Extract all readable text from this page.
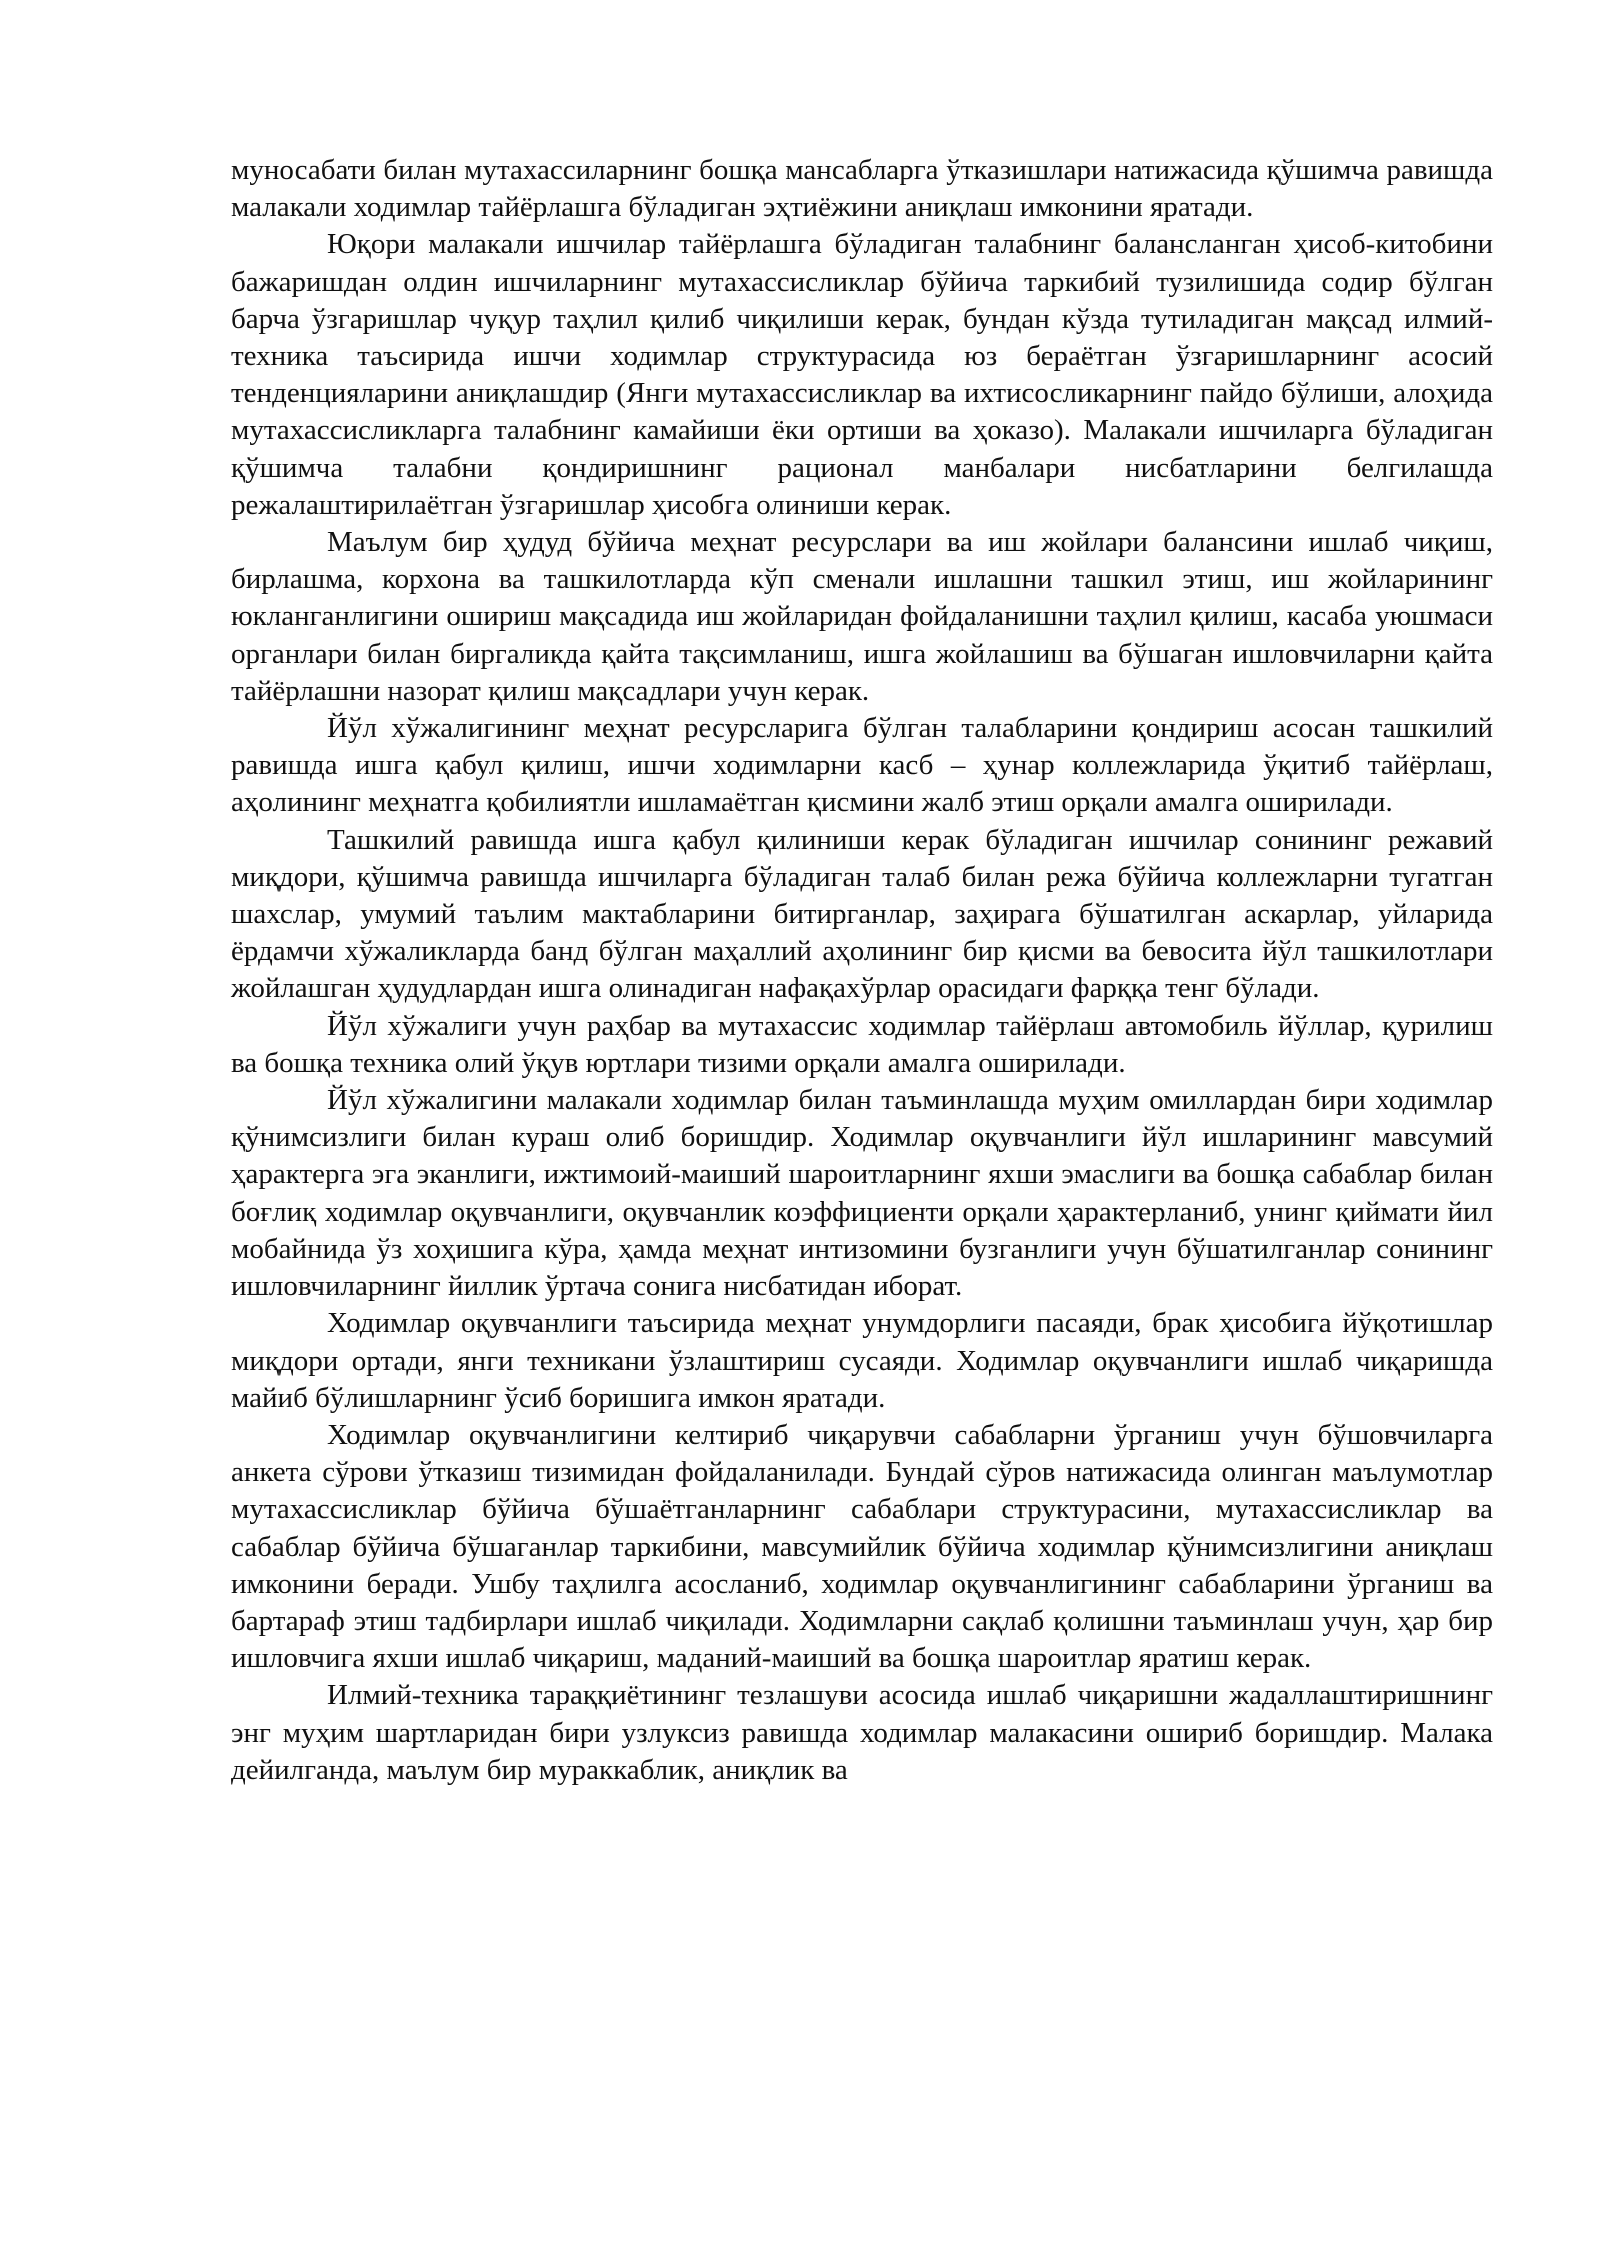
муносабати билан мутахассиларнинг бошқа мансабларга ўтказишлари натижасида қўшимча равишда малакали ходимлар тайёрлашга бўладиган эҳтиёжини аниқлаш имконини яратади.

Юқори малакали ишчилар тайёрлашга бўладиган талабнинг балансланган ҳисоб-китобини бажаришдан олдин ишчиларнинг мутахассисликлар бўйича таркибий тузилишида содир бўлган барча ўзгаришлар чуқур таҳлил қилиб чиқилиши керак, бундан кўзда тутиладиган мақсад илмий-техника таъсирида ишчи ходимлар структурасида юз бераётган ўзгаришларнинг асосий тенденцияларини аниқлашдир (Янги мутахассисликлар ва ихтисосликарнинг пайдо бўлиши, алоҳида мутахассисликларга талабнинг камайиши ёки ортиши ва ҳоказо). Малакали ишчиларга бўладиган қўшимча талабни қондиришнинг рационал манбалари нисбатларини белгилашда режалаштирилаётган ўзгаришлар ҳисобга олиниши керак.

Маълум бир ҳудуд бўйича меҳнат ресурслари ва иш жойлари балансини ишлаб чиқиш, бирлашма, корхона ва ташкилотларда кўп сменали ишлашни ташкил этиш, иш жойларининг юкланганлигини ошириш мақсадида иш жойларидан фойдаланишни таҳлил қилиш, касаба уюшмаси органлари билан биргаликда қайта тақсимланиш, ишга жойлашиш ва бўшаган ишловчиларни қайта тайёрлашни назорат қилиш мақсадлари учун керак.

Йўл хўжалигининг меҳнат ресурсларига бўлган талабларини қондириш асосан ташкилий равишда ишга қабул қилиш, ишчи ходимларни касб – ҳунар коллежларида ўқитиб тайёрлаш, аҳолининг меҳнатга қобилиятли ишламаётган қисмини жалб этиш орқали амалга оширилади.

Ташкилий равишда ишга қабул қилиниши керак бўладиган ишчилар сонининг режавий миқдори, қўшимча равишда ишчиларга бўладиган талаб билан режа бўйича коллежларни тугатган шахслар, умумий таълим мактабларини битирганлар, заҳирага бўшатилган аскарлар, уйларида ёрдамчи хўжаликларда банд бўлган маҳаллий аҳолининг бир қисми ва бевосита йўл ташкилотлари жойлашган ҳудудлардан ишга олинадиган нафақахўрлар орасидаги фарққа тенг бўлади.

Йўл хўжалиги учун раҳбар ва мутахассис ходимлар тайёрлаш автомобиль йўллар, қурилиш ва бошқа техника олий ўқув юртлари тизими орқали амалга оширилади.

Йўл хўжалигини малакали ходимлар билан таъминлашда муҳим омиллардан бири ходимлар қўнимсизлиги билан кураш олиб боришдир. Ходимлар оқувчанлиги йўл ишларининг мавсумий ҳарактерга эга эканлиги, ижтимоий-маиший шароитларнинг яхши эмаслиги ва бошқа сабаблар билан боғлиқ ходимлар оқувчанлиги, оқувчанлик коэффициенти орқали ҳарактерланиб, унинг қиймати йил мобайнида ўз хоҳишига кўра, ҳамда меҳнат интизомини бузганлиги учун бўшатилганлар сонининг ишловчиларнинг йиллик ўртача сонига нисбатидан иборат.

Ходимлар оқувчанлиги таъсирида меҳнат унумдорлиги пасаяди, брак ҳисобига йўқотишлар миқдори ортади, янги техникани ўзлаштириш сусаяди. Ходимлар оқувчанлиги ишлаб чиқаришда майиб бўлишларнинг ўсиб боришига имкон яратади.

Ходимлар оқувчанлигини келтириб чиқарувчи сабабларни ўрганиш учун бўшовчиларга анкета сўрови ўтказиш тизимидан фойдаланилади. Бундай сўров натижасида олинган маълумотлар мутахассисликлар бўйича бўшаётганларнинг сабаблари структурасини, мутахассисликлар ва сабаблар бўйича бўшаганлар таркибини, мавсумийлик бўйича ходимлар қўнимсизлигини аниқлаш имконини беради. Ушбу таҳлилга асосланиб, ходимлар оқувчанлигининг сабабларини ўрганиш ва бартараф этиш тадбирлари ишлаб чиқилади. Ходимларни сақлаб қолишни таъминлаш учун, ҳар бир ишловчига яхши ишлаб чиқариш, маданий-маиший ва бошқа шароитлар яратиш керак.

Илмий-техника тараққиётининг тезлашуви асосида ишлаб чиқаришни жадаллаштиришнинг энг муҳим шартларидан бири узлуксиз равишда ходимлар малакасини ошириб боришдир. Малака дейилганда, маълум бир мураккаблик, аниқлик ва
